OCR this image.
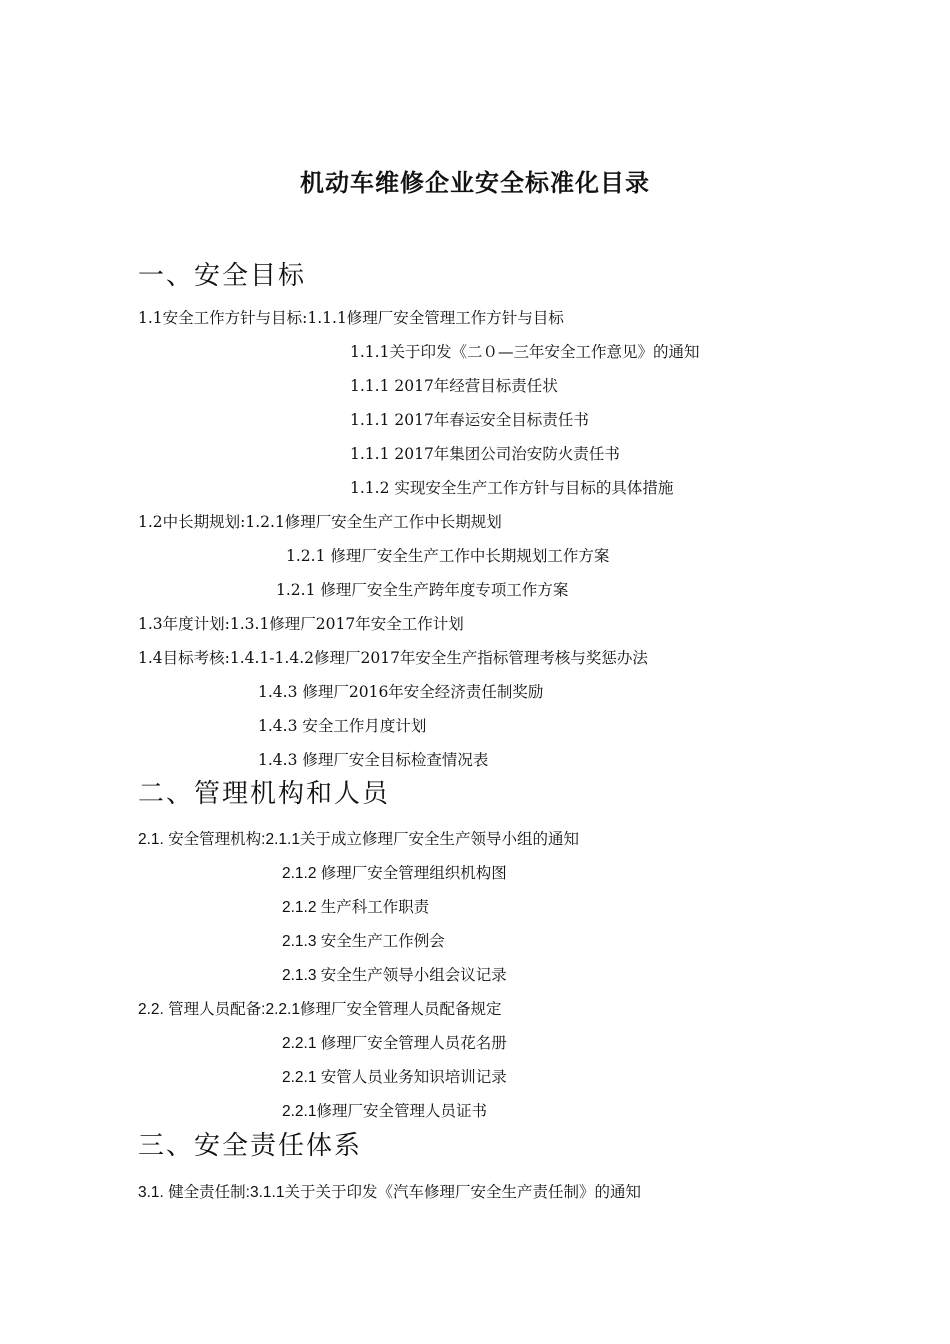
机动车维修企业安全标准化目录
一、安全目标
1.1安全工作方针与目标:1.1.1修理厂安全管理工作方针与目标
1.1.1关于印发《二０—三年安全工作意见》的通知
1.1.1 2017年经营目标责任状
1.1.1 2017年春运安全目标责任书
1.1.1 2017年集团公司治安防火责任书
1.1.2 实现安全生产工作方针与目标的具体措施
1.2中长期规划:1.2.1修理厂安全生产工作中长期规划
1.2.1 修理厂安全生产工作中长期规划工作方案
1.2.1 修理厂安全生产跨年度专项工作方案
1.3年度计划:1.3.1修理厂2017年安全工作计划
1.4目标考核:1.4.1-1.4.2修理厂2017年安全生产指标管理考核与奖惩办法
1.4.3 修理厂2016年安全经济责任制奖励
1.4.3 安全工作月度计划
1.4.3 修理厂安全目标检查情况表
二、管理机构和人员
2.1. 安全管理机构:2.1.1关于成立修理厂安全生产领导小组的通知
2.1.2 修理厂安全管理组织机构图
2.1.2 生产科工作职责
2.1.3 安全生产工作例会
2.1.3 安全生产领导小组会议记录
2.2. 管理人员配备:2.2.1修理厂安全管理人员配备规定
2.2.1 修理厂安全管理人员花名册
2.2.1 安管人员业务知识培训记录
2.2.1修理厂安全管理人员证书
三、安全责任体系
3.1. 健全责任制:3.1.1关于关于印发《汽车修理厂安全生产责任制》的通知
